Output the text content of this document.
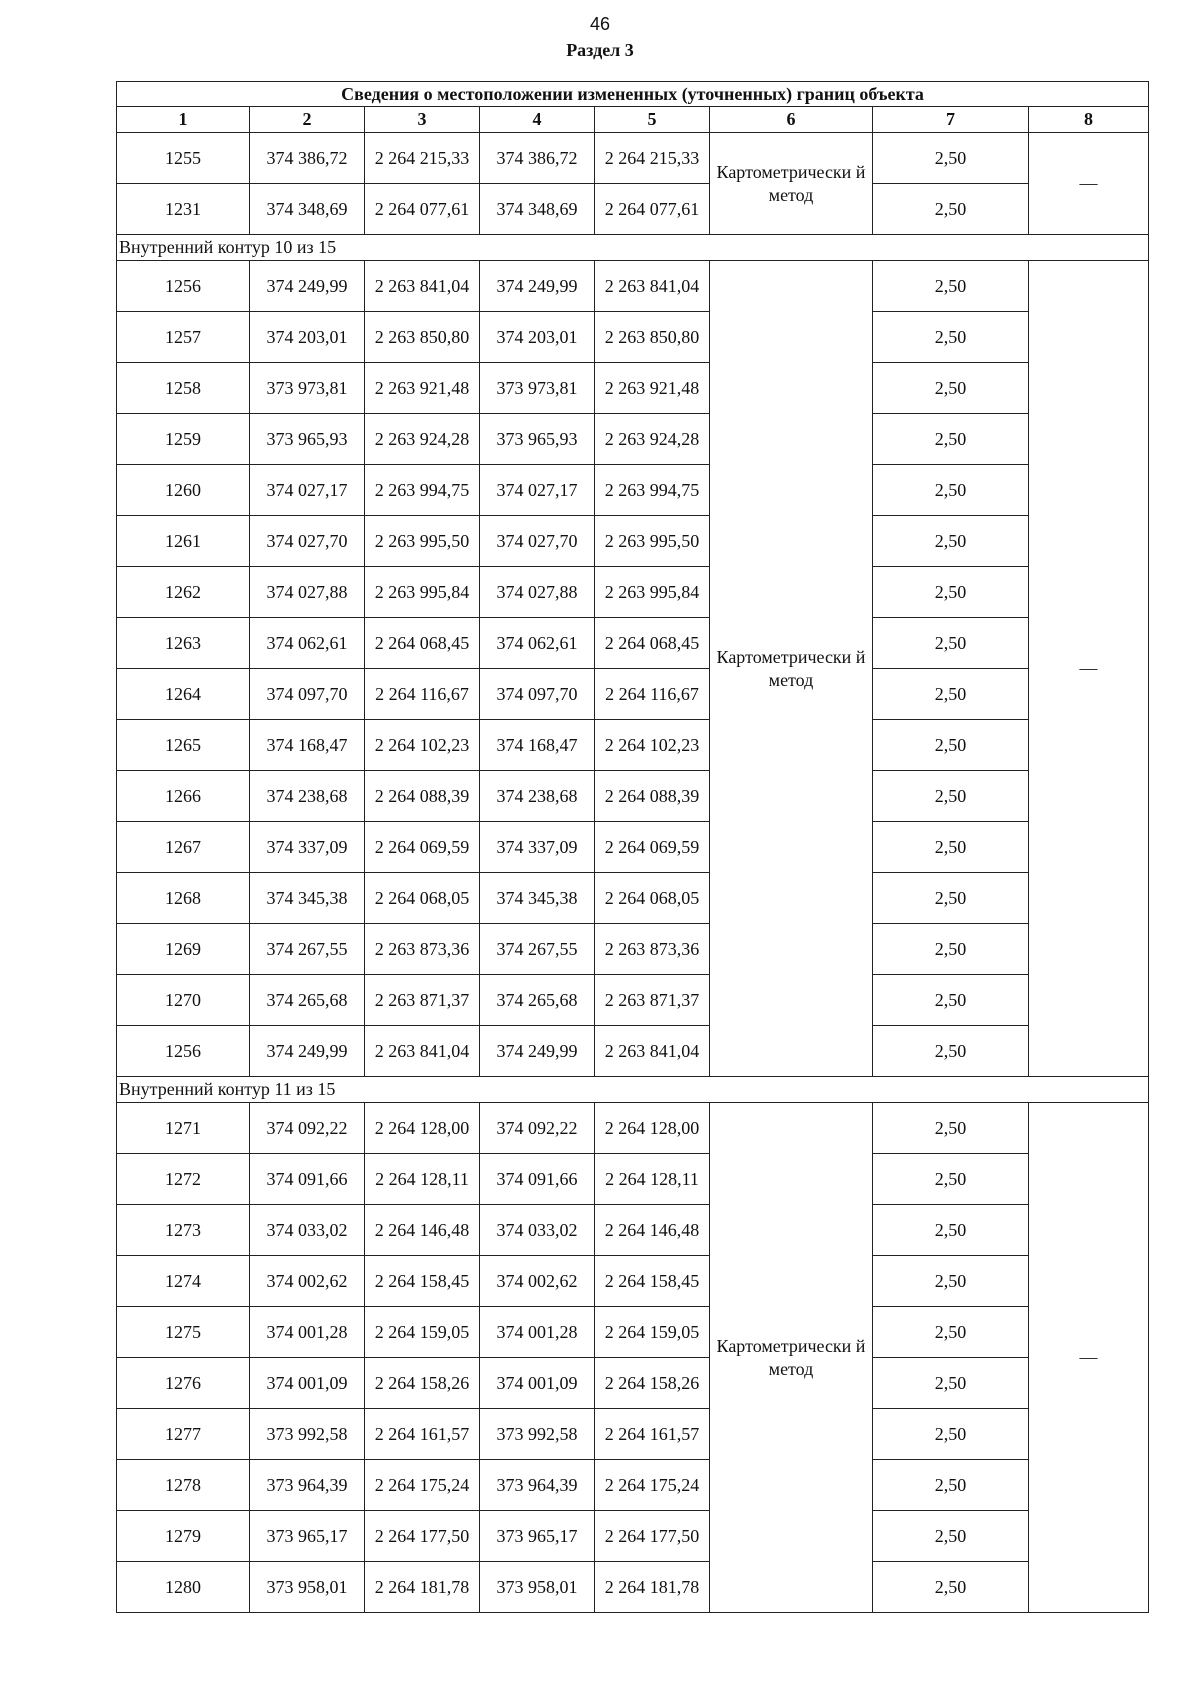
46
Раздел 3
Сведения о местоположении измененных (уточненных) границ объекта							
1	2	3	4	5	6	7	8
1255	374 386,72	2 264 215,33	374 386,72	2 264 215,33	Картометрически й метод	2,50	—
1231	374 348,69	2 264 077,61	374 348,69	2 264 077,61		2,50	
Внутренний контур 10 из 15							
1256	374 249,99	2 263 841,04	374 249,99	2 263 841,04	Картометрически й метод	2,50	—
1257	374 203,01	2 263 850,80	374 203,01	2 263 850,80		2,50	
1258	373 973,81	2 263 921,48	373 973,81	2 263 921,48		2,50	
1259	373 965,93	2 263 924,28	373 965,93	2 263 924,28		2,50	
1260	374 027,17	2 263 994,75	374 027,17	2 263 994,75		2,50	
1261	374 027,70	2 263 995,50	374 027,70	2 263 995,50		2,50	
1262	374 027,88	2 263 995,84	374 027,88	2 263 995,84		2,50	
1263	374 062,61	2 264 068,45	374 062,61	2 264 068,45		2,50	
1264	374 097,70	2 264 116,67	374 097,70	2 264 116,67		2,50	
1265	374 168,47	2 264 102,23	374 168,47	2 264 102,23		2,50	
1266	374 238,68	2 264 088,39	374 238,68	2 264 088,39		2,50	
1267	374 337,09	2 264 069,59	374 337,09	2 264 069,59		2,50	
1268	374 345,38	2 264 068,05	374 345,38	2 264 068,05		2,50	
1269	374 267,55	2 263 873,36	374 267,55	2 263 873,36		2,50	
1270	374 265,68	2 263 871,37	374 265,68	2 263 871,37		2,50	
1256	374 249,99	2 263 841,04	374 249,99	2 263 841,04		2,50	
Внутренний контур 11 из 15							
1271	374 092,22	2 264 128,00	374 092,22	2 264 128,00	Картометрически й метод	2,50	—
1272	374 091,66	2 264 128,11	374 091,66	2 264 128,11		2,50	
1273	374 033,02	2 264 146,48	374 033,02	2 264 146,48		2,50	
1274	374 002,62	2 264 158,45	374 002,62	2 264 158,45		2,50	
1275	374 001,28	2 264 159,05	374 001,28	2 264 159,05		2,50	
1276	374 001,09	2 264 158,26	374 001,09	2 264 158,26		2,50	
1277	373 992,58	2 264 161,57	373 992,58	2 264 161,57		2,50	
1278	373 964,39	2 264 175,24	373 964,39	2 264 175,24		2,50	
1279	373 965,17	2 264 177,50	373 965,17	2 264 177,50		2,50	
1280	373 958,01	2 264 181,78	373 958,01	2 264 181,78		2,50	
